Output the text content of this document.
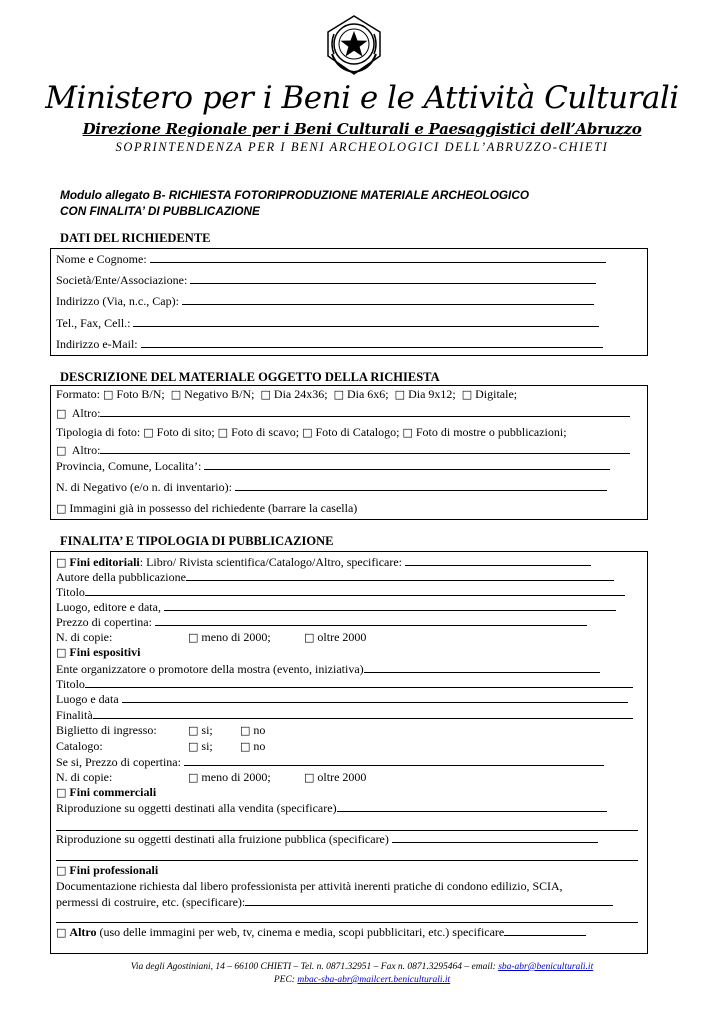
Ministero per i Beni e le Attività Culturali
Direzione Regionale per i Beni Culturali e Paesaggistici dell’Abruzzo
SOPRINTENDENZA PER I BENI ARCHEOLOGICI DELL’ABRUZZO-CHIETI
Modulo allegato B- RICHIESTA FOTORIPRODUZIONE MATERIALE ARCHEOLOGICO
CON FINALITA’ DI PUBBLICAZIONE
DATI DEL RICHIEDENTE
Nome e Cognome:
Società/Ente/Associazione:
Indirizzo (Via, n.c., Cap):
Tel., Fax, Cell.:
Indirizzo e-Mail:
DESCRIZIONE DEL MATERIALE OGGETTO DELLA RICHIESTA
Formato: □ Foto B/N; □ Negativo B/N; □ Dia 24x36; □ Dia 6x6; □ Dia 9x12; □ Digitale;
□ Altro:
Tipologia di foto: □ Foto di sito; □ Foto di scavo; □ Foto di Catalogo; □ Foto di mostre o pubblicazioni;
□ Altro:
Provincia, Comune, Localita’:
N. di Negativo (e/o n. di inventario):
□ Immagini già in possesso del richiedente (barrare la casella)
FINALITA’ E TIPOLOGIA DI PUBBLICAZIONE
□ Fini editoriali: Libro/ Rivista scientifica/Catalogo/Altro, specificare:
Autore della pubblicazione
Titolo
Luogo, editore e data,
Prezzo di copertina:
N. di copie:	□ meno di 2000;	□ oltre 2000
□ Fini espositivi
Ente organizzatore o promotore della mostra (evento, iniziativa)
Titolo
Luogo e data
Finalità
Biglietto di ingresso:	□ si; □ no
Catalogo:	□ si; □ no
Se si, Prezzo di copertina:
N. di copie:	□ meno di 2000;	□ oltre 2000
□ Fini commerciali
Riproduzione su oggetti destinati alla vendita (specificare)
Riproduzione su oggetti destinati alla fruizione pubblica (specificare)
□ Fini professionali
Documentazione richiesta dal libero professionista per attività inerenti pratiche di condono edilizio, SCIA,
permessi di costruire, etc. (specificare):
□ Altro (uso delle immagini per web, tv, cinema e media, scopi pubblicitari, etc.) specificare
Via degli Agostiniani, 14 – 66100 CHIETI – Tel. n. 0871.32951 – Fax n. 0871.3295464 – email: sba-abr@beniculturali.it
PEC: mbac-sba-abr@mailcert.beniculturali.it
